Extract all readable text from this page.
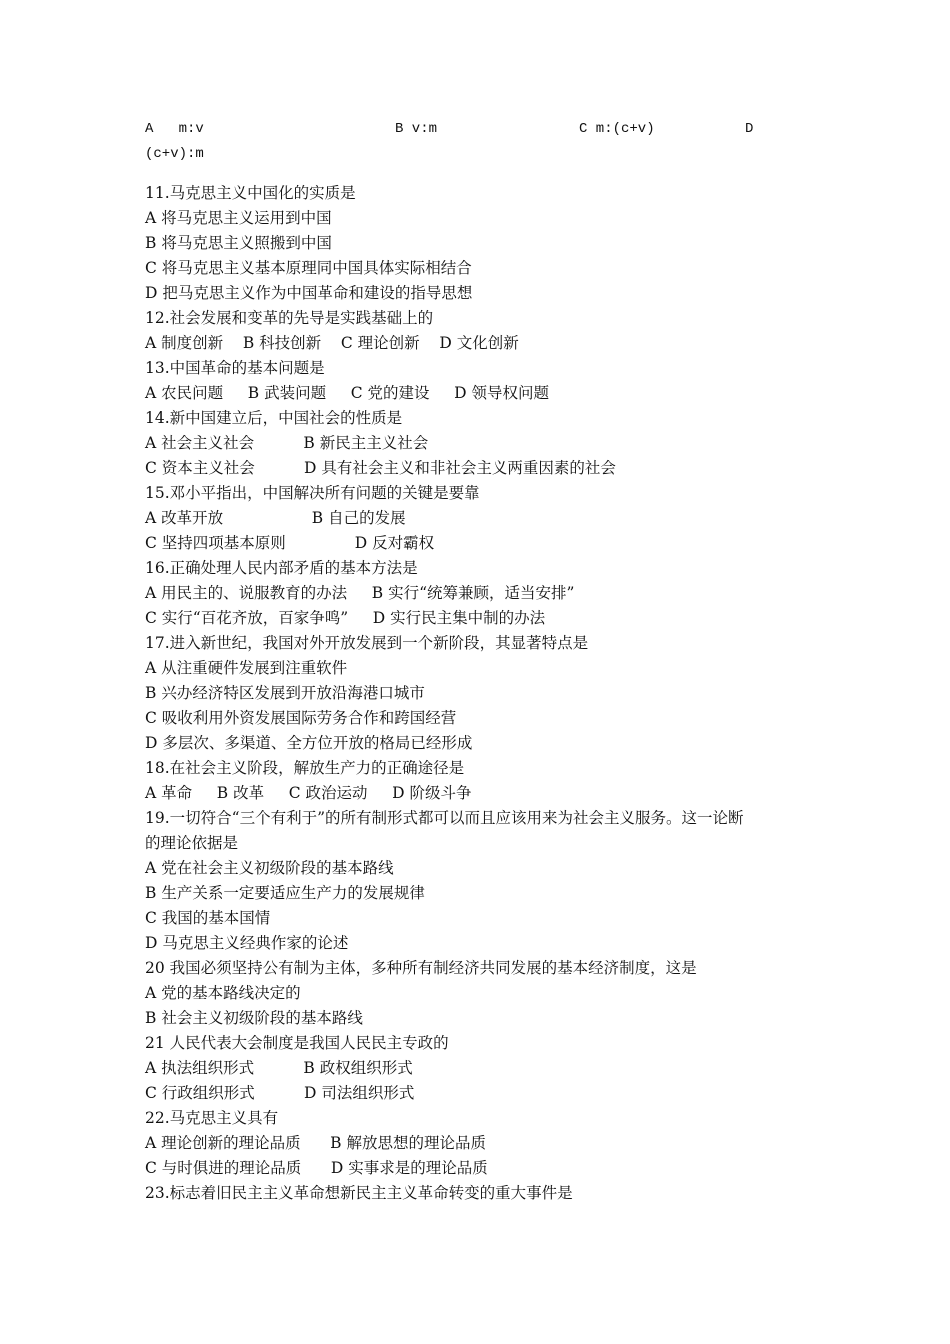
A   m:v

	B v:m

	C m:(c+v)

	D

(c+v):m
11.马克思主义中国化的实质是
A 将马克思主义运用到中国
B 将马克思主义照搬到中国
C 将马克思主义基本原理同中国具体实际相结合
D 把马克思主义作为中国革命和建设的指导思想
12.社会发展和变革的先导是实践基础上的
A 制度创新    B 科技创新    C 理论创新    D 文化创新
13.中国革命的基本问题是
A 农民问题     B 武装问题     C 党的建设     D 领导权问题
14.新中国建立后，中国社会的性质是
A 社会主义社会          B 新民主主义社会
C 资本主义社会          D 具有社会主义和非社会主义两重因素的社会
15.邓小平指出，中国解决所有问题的关键是要靠
A 改革开放                  B 自己的发展
C 坚持四项基本原则              D 反对霸权
16.正确处理人民内部矛盾的基本方法是
A 用民主的、说服教育的办法     B 实行“统筹兼顾，适当安排”
C 实行“百花齐放，百家争鸣”     D 实行民主集中制的办法
17.进入新世纪，我国对外开放发展到一个新阶段，其显著特点是
A 从注重硬件发展到注重软件
B 兴办经济特区发展到开放沿海港口城市
C 吸收利用外资发展国际劳务合作和跨国经营
D 多层次、多渠道、全方位开放的格局已经形成
18.在社会主义阶段，解放生产力的正确途径是
A 革命     B 改革     C 政治运动     D 阶级斗争
19.一切符合“三个有利于”的所有制形式都可以而且应该用来为社会主义服务。这一论断
的理论依据是
A 党在社会主义初级阶段的基本路线
B 生产关系一定要适应生产力的发展规律
C 我国的基本国情
D 马克思主义经典作家的论述
20 我国必须坚持公有制为主体，多种所有制经济共同发展的基本经济制度，这是
A 党的基本路线决定的
B 社会主义初级阶段的基本路线
21 人民代表大会制度是我国人民民主专政的
A 执法组织形式          B 政权组织形式
C 行政组织形式          D 司法组织形式
22.马克思主义具有
A 理论创新的理论品质      B 解放思想的理论品质
C 与时俱进的理论品质      D 实事求是的理论品质
23.标志着旧民主主义革命想新民主主义革命转变的重大事件是
